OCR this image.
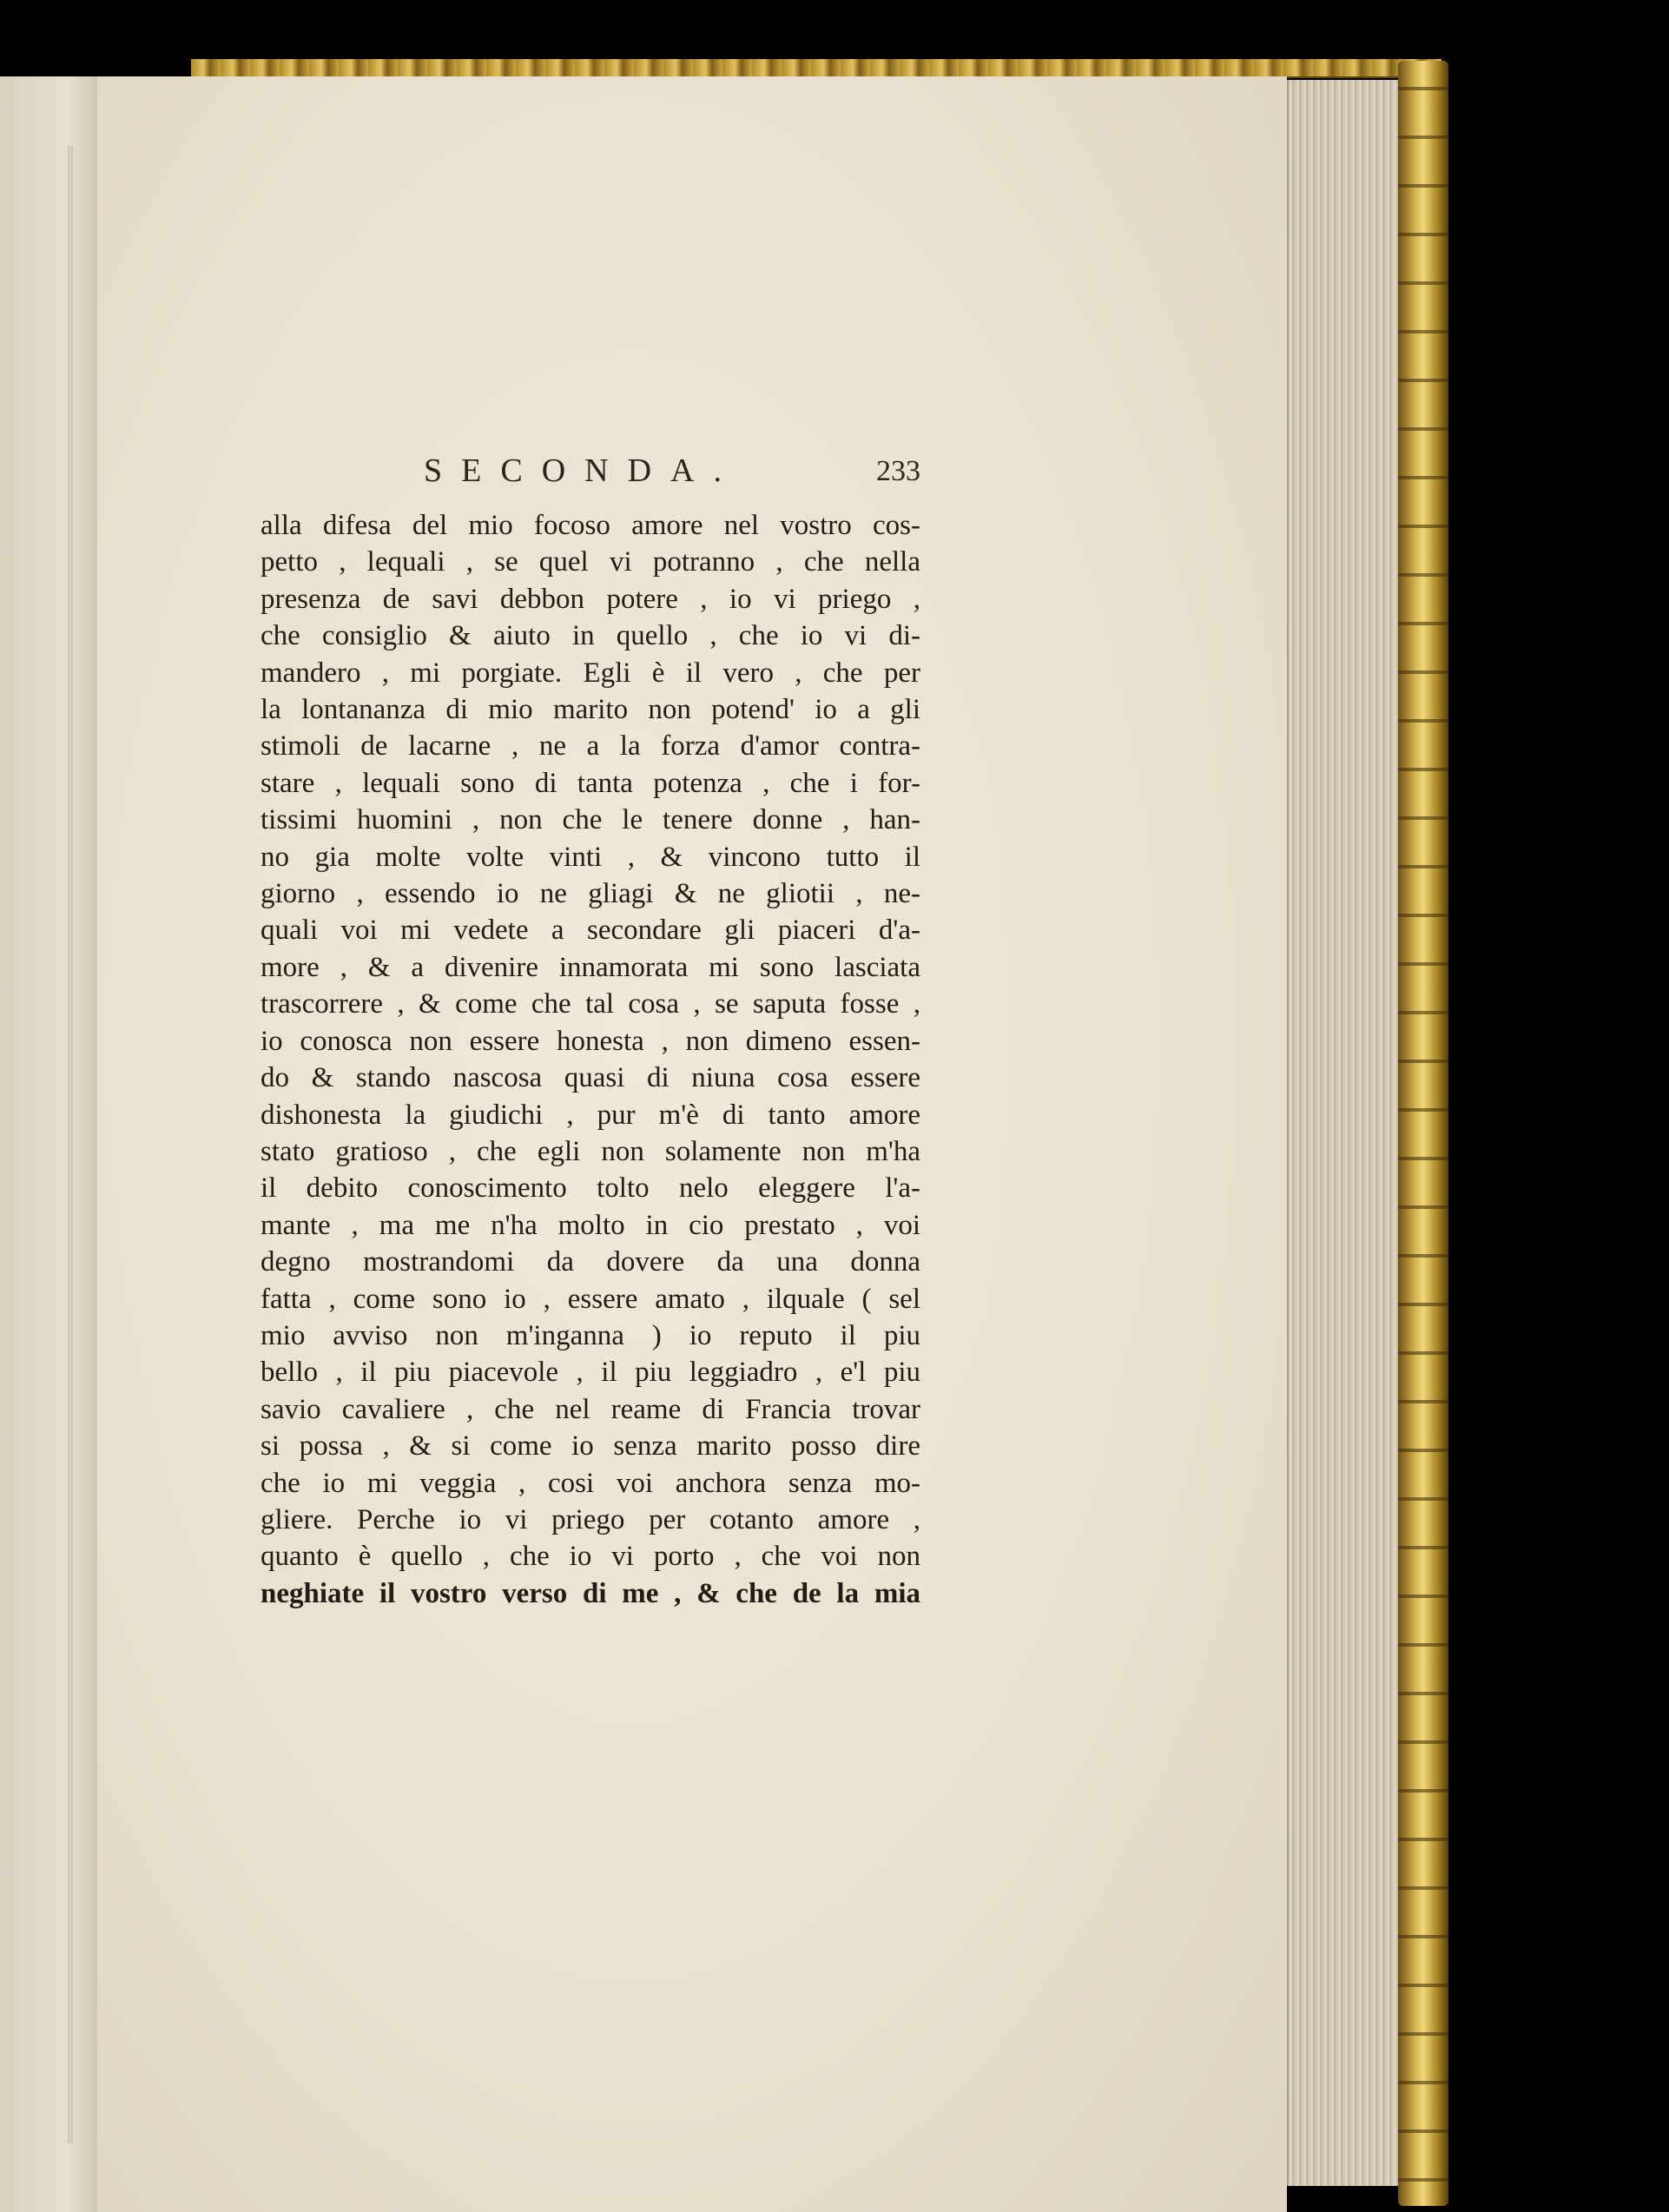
SECONDA.	233
alla difesa del mio focoso amore nel vostro cos-
petto , lequali , se quel vi potranno , che nella
presenza de savi debbon potere , io vi priego ,
che consiglio & aiuto in quello , che io vi di-
mandero , mi porgiate. Egli è il vero , che per
la lontananza di mio marito non potend' io a gli
stimoli de lacarne , ne a la forza d'amor contra-
stare , lequali sono di tanta potenza , che i for-
tissimi huomini , non che le tenere donne , han-
no gia molte volte vinti , & vincono tutto il
giorno , essendo io ne gliagi & ne gliotii , ne-
quali voi mi vedete a secondare gli piaceri d'a-
more , & a divenire innamorata mi sono lasciata
trascorrere , & come che tal cosa , se saputa fosse ,
io conosca non essere honesta , non dimeno essen-
do & stando nascosa quasi di niuna cosa essere
dishonesta la giudichi , pur m'è di tanto amore
stato gratioso , che egli non solamente non m'ha
il debito conoscimento tolto nelo eleggere l'a-
mante , ma me n'ha molto in cio prestato , voi
degno mostrandomi da dovere da una donna
fatta , come sono io , essere amato , ilquale ( sel
mio avviso non m'inganna ) io reputo il piu
bello , il piu piacevole , il piu leggiadro , e'l piu
savio cavaliere , che nel reame di Francia trovar
si possa , & si come io senza marito posso dire
che io mi veggia , cosi voi anchora senza mo-
gliere. Perche io vi priego per cotanto amore ,
quanto è quello , che io vi porto , che voi non
neghiate il vostro verso di me , & che de la mia
